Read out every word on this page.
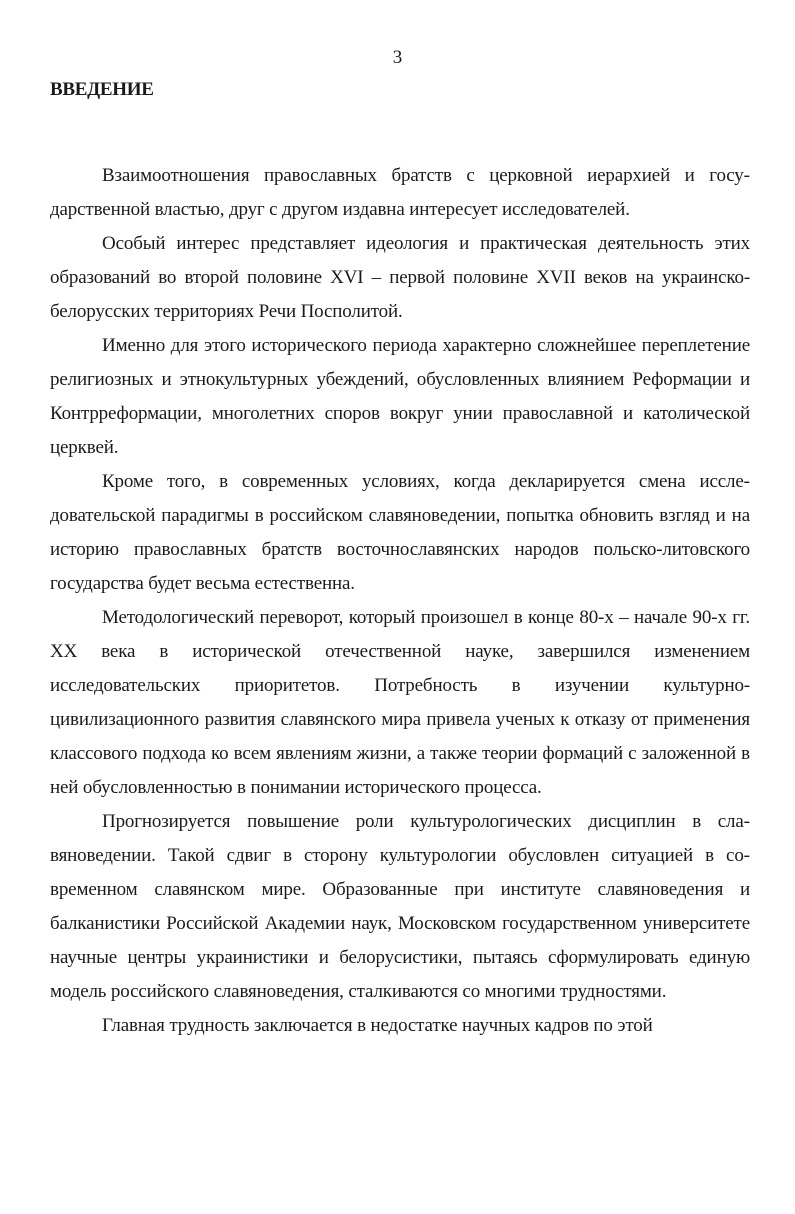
3
ВВЕДЕНИЕ

Взаимоотношения православных братств с церковной иерархией и государственной властью, друг с другом издавна интересует исследователей.

Особый интерес представляет идеология и практическая деятельность этих образований во второй половине XVI – первой половине XVII веков на украинско-белорусских территориях Речи Посполитой.

Именно для этого исторического периода характерно сложнейшее переплетение религиозных и этнокультурных убеждений, обусловленных влиянием Реформации и Контрреформации, многолетних споров вокруг унии православной и католической церквей.

Кроме того, в современных условиях, когда декларируется смена исследовательской парадигмы в российском славяноведении, попытка обновить взгляд и на историю православных братств восточнославянских народов польско-литовского государства будет весьма естественна.

Методологический переворот, который произошел в конце 80-х – начале 90-х гг. XX века в исторической отечественной науке, завершился изменением исследовательских приоритетов. Потребность в изучении культурно-цивилизационного развития славянского мира привела ученых к отказу от применения классового подхода ко всем явлениям жизни, а также теории формаций с заложенной в ней обусловленностью в понимании исторического процесса.

Прогнозируется повышение роли культурологических дисциплин в славяноведении. Такой сдвиг в сторону культурологии обусловлен ситуацией в современном славянском мире. Образованные при институте славяноведения и балканистики Российской Академии наук, Московском государственном университете научные центры украинистики и белорусистики, пытаясь сформулировать единую модель российского славяноведения, сталкиваются со многими трудностями.

Главная трудность заключается в недостатке научных кадров по этой
